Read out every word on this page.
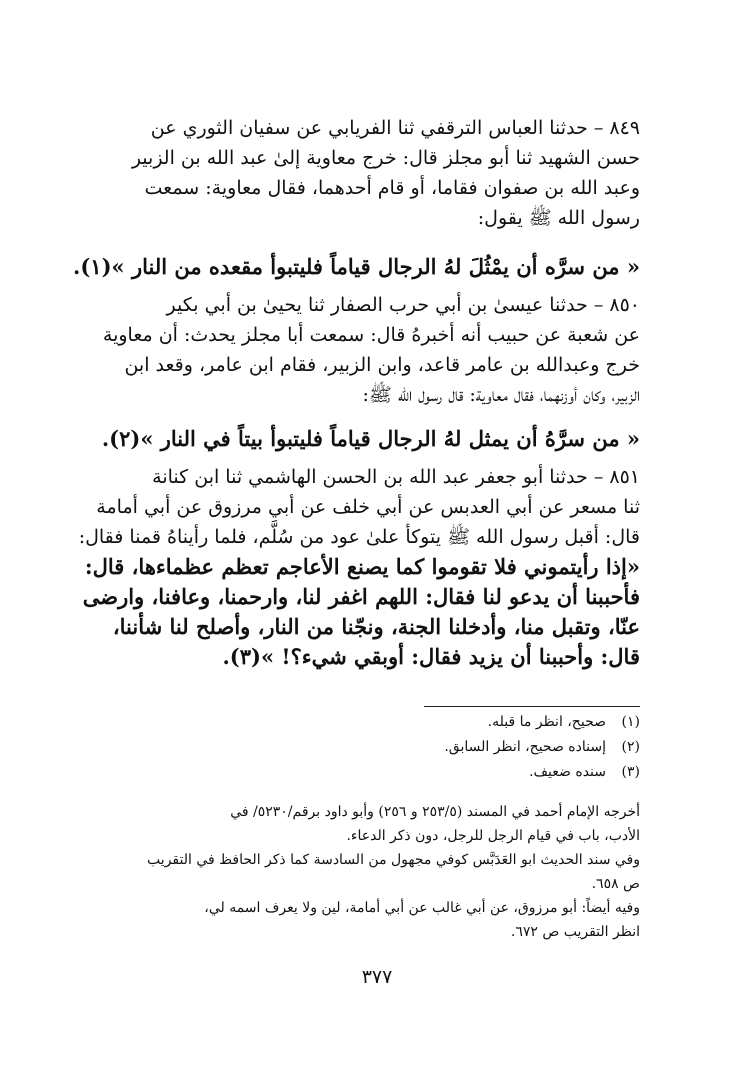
٨٤٩ – حدثنا العباس الترقفي ثنا الفريابي عن سفيان الثوري عن
حسن الشهيد ثنا أبو مجلز قال: خرج معاوية إلىٰ عبد الله بن الزبير
وعبد الله بن صفوان فقاما، أو قام أحدهما، فقال معاوية: سمعت
رسول الله ﷺ يقول:
« من سرَّه أن يمْثُلَ لهُ الرجال قياماً فليتبوأ مقعده من النار »(١).
٨٥٠ – حدثنا عيسىٰ بن أبي حرب الصفار ثنا يحيىٰ بن أبي بكير
عن شعبة عن حبيب أنه أخبرهُ قال: سمعت أبا مجلز يحدث: أن معاوية
خرج وعبدالله بن عامر قاعد، وابن الزبير، فقام ابن عامر، وقعد ابن
الزبير، وكان أوزنهما، فقال معاوية: قال رسول الله ﷺ:
« من سرَّهُ أن يمثل لهُ الرجال قياماً فليتبوأ بيتاً في النار »(٢).
٨٥١ – حدثنا أبو جعفر عبد الله بن الحسن الهاشمي ثنا ابن كنانة
ثنا مسعر عن أبي العدبس عن أبي خلف عن أبي مرزوق عن أبي أمامة
قال: أقبل رسول الله ﷺ يتوكأ علىٰ عود من سُلَّم، فلما رأيناهُ قمنا فقال:
«إذا رأيتموني فلا تقوموا كما يصنع الأعاجم تعظم عظماءها، قال:
فأحببنا أن يدعو لنا فقال: اللهم اغفر لنا، وارحمنا، وعافنا، وارضى
عنّا، وتقبل منا، وأدخلنا الجنة، ونجّنا من النار، وأصلح لنا شأننا،
قال: وأحببنا أن يزيد فقال: أوبقي شيء؟! »(٣).
(١)
صحيح، انظر ما قبله.
(٢)
إسناده صحيح، انظر السابق.
(٣)
سنده ضعيف.
أخرجه الإمام أحمد في المسند (٢٥٣/٥ و ٢٥٦) وأبو داود برقم/٥٢٣٠/ في
الأدب، باب في قيام الرجل للرجل، دون ذكر الدعاء.
وفي سند الحديث ابو العَدَبَّس كوفي مجهول من السادسة كما ذكر الحافظ في التقريب
ص ٦٥٨.
وفيه أيضاً: أبو مرزوق، عن أبي غالب عن أبي أمامة، لين ولا يعرف اسمه لي،
انظر التقريب ص ٦٧٢.
٣٧٧
